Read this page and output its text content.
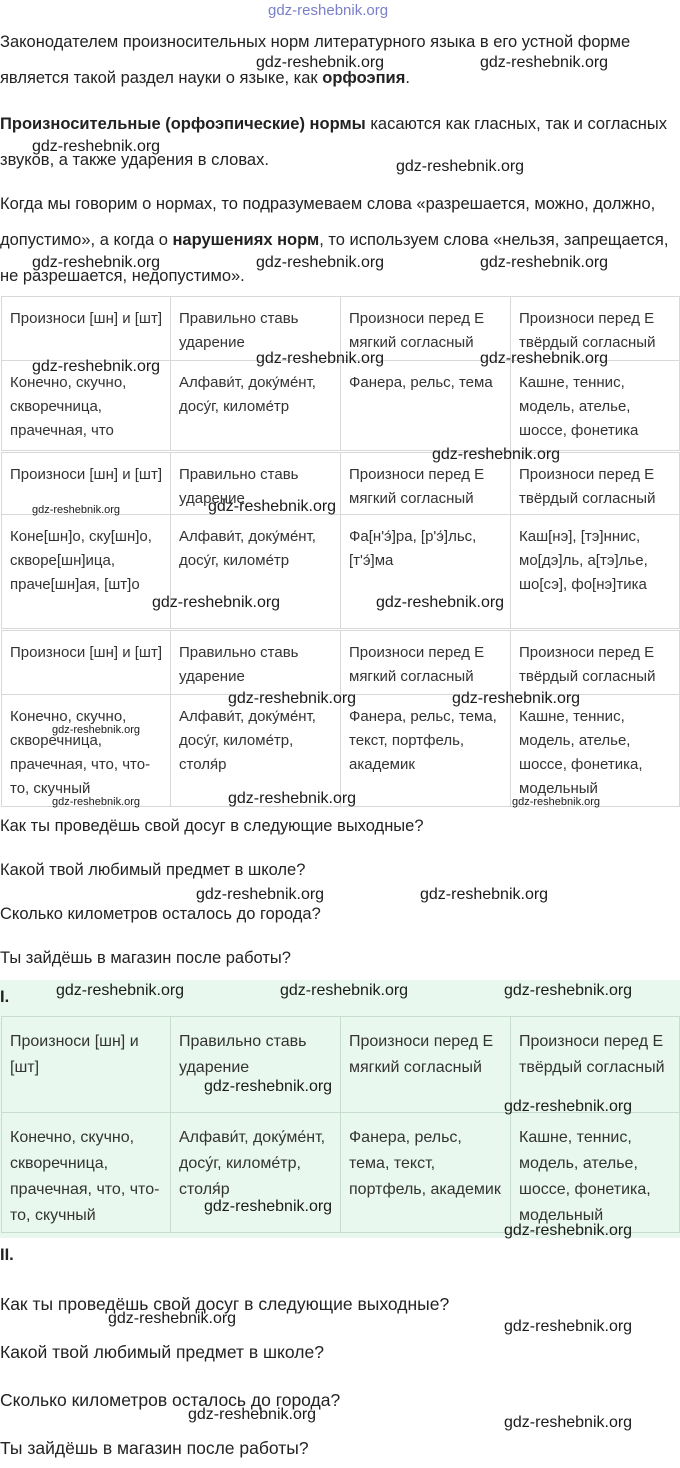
gdz-reshebnik.org

Законодателем произносительных норм литературного языка в его устной форме является такой раздел науки о языке, как орфоэпия.

Произносительные (орфоэпические) нормы касаются как гласных, так и согласных звуков, а также ударения в словах.

Когда мы говорим о нормах, то подразумеваем слова «разрешается, можно, должно, допустимо», а когда о нарушениях норм, то используем слова «нельзя, запрещается, не разрешается, недопустимо».

Произноси [шн] и [шт]	Правильно ставь ударение	Произноси перед Е мягкий согласный	Произноси перед Е твёрдый согласный
Конечно, скучно, скворечница, прачечная, что	Алфави́т, доку́ме́нт, досу́г, киломе́тр	Фанера, рельс, тема	Кашне, теннис, модель, ателье, шоссе, фонетика
Произноси [шн] и [шт]	Правильно ставь ударение	Произноси перед Е мягкий согласный	Произноси перед Е твёрдый согласный
Коне[шн]о, ску[шн]о, скворе[шн]ица, праче[шн]ая, [шт]о	Алфави́т, доку́ме́нт, досу́г, киломе́тр	Фа[н'э́]ра, [р'э́]льс, [т'э́]ма	Каш[нэ], [тэ]ннис, мо[дэ]ль, а[тэ]лье, шо[сэ], фо[нэ]тика
Произноси [шн] и [шт]	Правильно ставь ударение	Произноси перед Е мягкий согласный	Произноси перед Е твёрдый согласный
Конечно, скучно, скворечница, прачечная, что, что-то, скучный	Алфави́т, доку́ме́нт, досу́г, киломе́тр, столя́р	Фанера, рельс, тема, текст, портфель, академик	Кашне, теннис, модель, ателье, шоссе, фонетика, модельный

Как ты проведёшь свой досуг в следующие выходные?

Какой твой любимый предмет в школе?

Сколько километров осталось до города?

Ты зайдёшь в магазин после работы?

I.
Произноси [шн] и [шт]	Правильно ставь ударение	Произноси перед Е мягкий согласный	Произноси перед Е твёрдый согласный
Конечно, скучно, скворечница, прачечная, что, что-то, скучный	Алфави́т, доку́ме́нт, досу́г, киломе́тр, столя́р	Фанера, рельс, тема, текст, портфель, академик	Кашне, теннис, модель, ателье, шоссе, фонетика, модельный
II.

Как ты проведёшь свой досуг в следующие выходные?

Какой твой любимый предмет в школе?

Сколько километров осталось до города?

Ты зайдёшь в магазин после работы?

gdz-reshebnik.org	gdz-reshebnik.org
gdz-reshebnik.org
gdz-reshebnik.org
gdz-reshebnik.org	gdz-reshebnik.org	gdz-reshebnik.org
gdz-reshebnik.org	gdz-reshebnik.org	gdz-reshebnik.org
gdz-reshebnik.org
gdz-reshebnik.org	gdz-reshebnik.org
gdz-reshebnik.org	gdz-reshebnik.org
gdz-reshebnik.org	gdz-reshebnik.org
gdz-reshebnik.org
gdz-reshebnik.org	gdz-reshebnik.org	gdz-reshebnik.org
gdz-reshebnik.org	gdz-reshebnik.org
gdz-reshebnik.org	gdz-reshebnik.org	gdz-reshebnik.org
gdz-reshebnik.org
gdz-reshebnik.org
gdz-reshebnik.org
gdz-reshebnik.org
gdz-reshebnik.org	gdz-reshebnik.org
gdz-reshebnik.org	gdz-reshebnik.org
